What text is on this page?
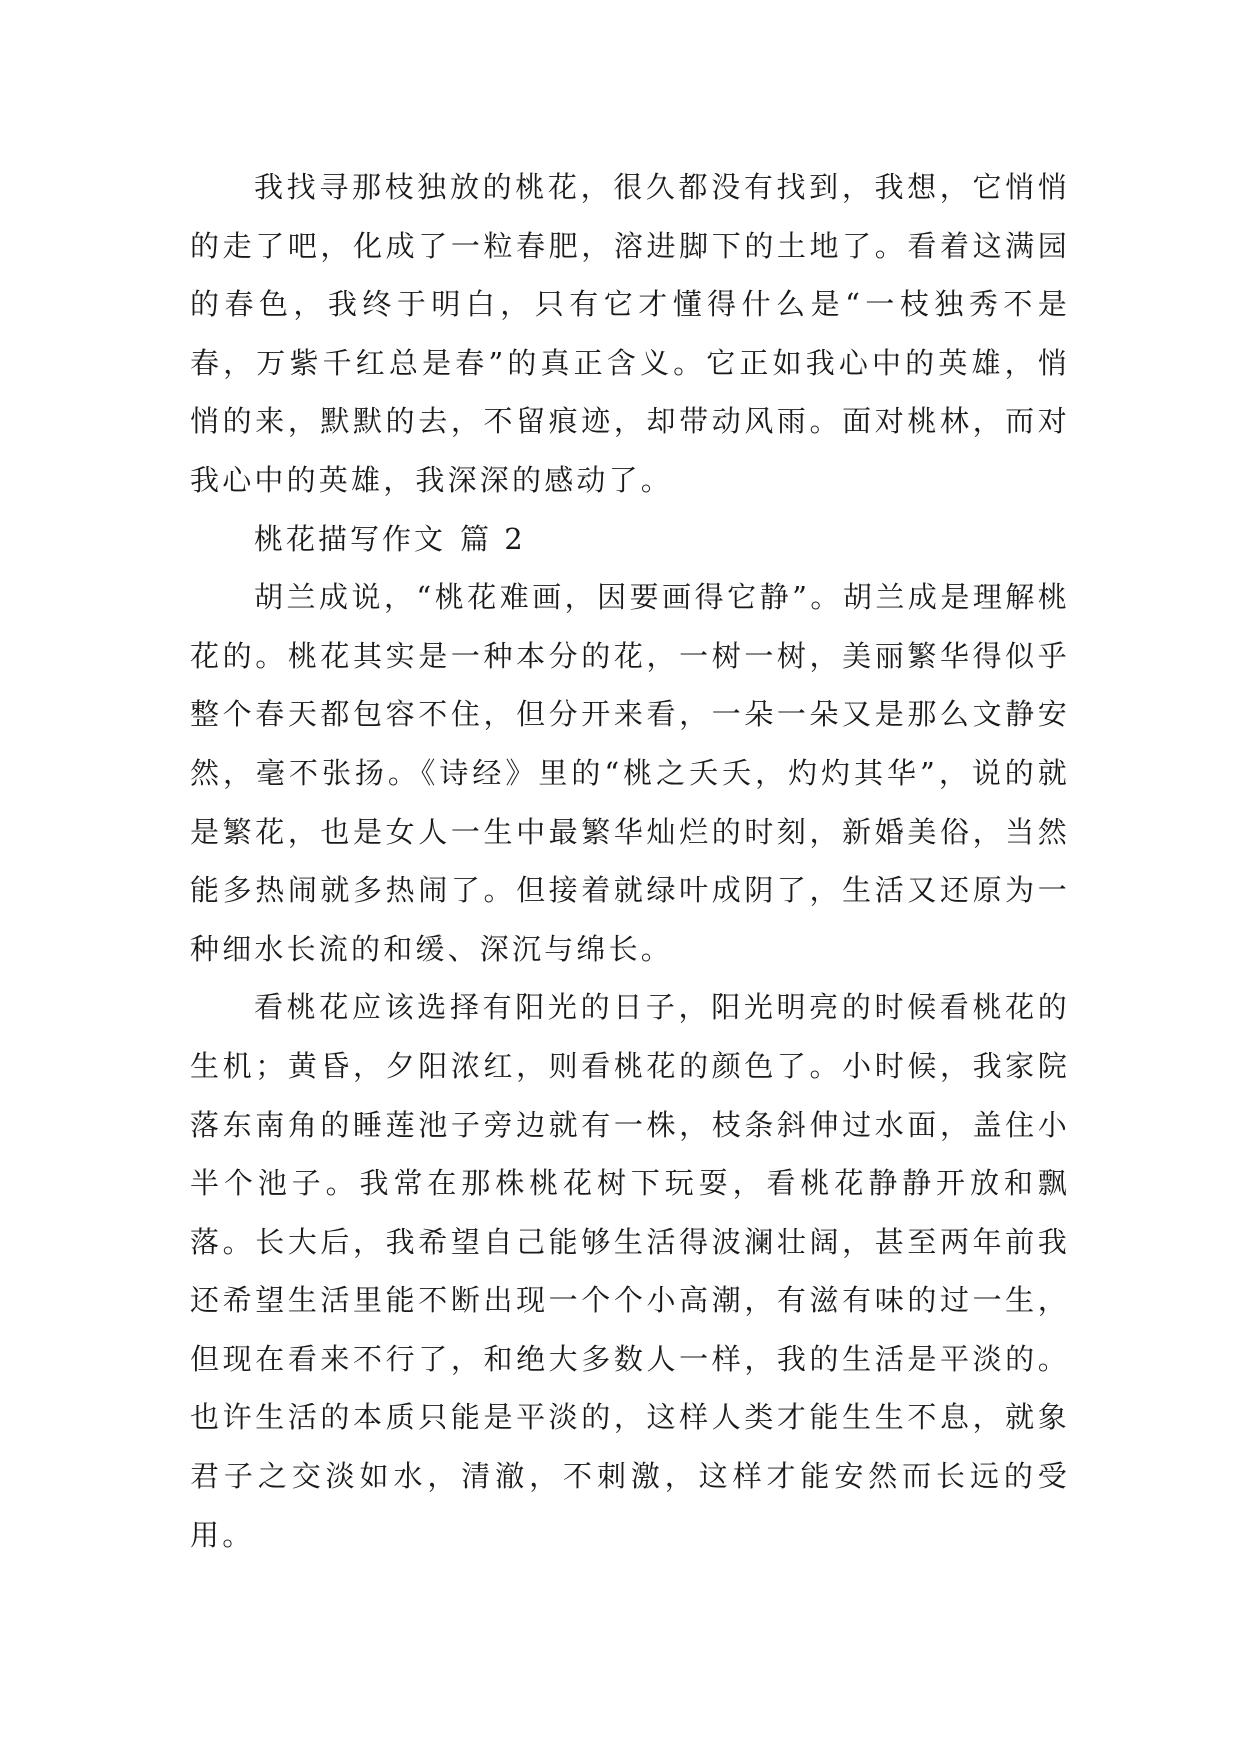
我找寻那枝独放的桃花，很久都没有找到，我想，它悄悄的走了吧，化成了一粒春肥，溶进脚下的土地了。看着这满园的春色，我终于明白，只有它才懂得什么是“一枝独秀不是春，万紫千红总是春”的真正含义。它正如我心中的英雄，悄悄的来，默默的去，不留痕迹，却带动风雨。面对桃林，而对我心中的英雄，我深深的感动了。

桃花描写作文 篇 2

胡兰成说，“桃花难画，因要画得它静”。胡兰成是理解桃花的。桃花其实是一种本分的花，一树一树，美丽繁华得似乎整个春天都包容不住，但分开来看，一朵一朵又是那么文静安然，毫不张扬。《诗经》里的“桃之夭夭，灼灼其华”，说的就是繁花，也是女人一生中最繁华灿烂的时刻，新婚美俗，当然能多热闹就多热闹了。但接着就绿叶成阴了，生活又还原为一种细水长流的和缓、深沉与绵长。

看桃花应该选择有阳光的日子，阳光明亮的时候看桃花的生机；黄昏，夕阳浓红，则看桃花的颜色了。小时候，我家院落东南角的睡莲池子旁边就有一株，枝条斜伸过水面，盖住小半个池子。我常在那株桃花树下玩耍，看桃花静静开放和飘落。长大后，我希望自己能够生活得波澜壮阔，甚至两年前我还希望生活里能不断出现一个个小高潮，有滋有味的过一生，但现在看来不行了，和绝大多数人一样，我的生活是平淡的。也许生活的本质只能是平淡的，这样人类才能生生不息，就象君子之交淡如水，清澈，不刺激，这样才能安然而长远的受用。
